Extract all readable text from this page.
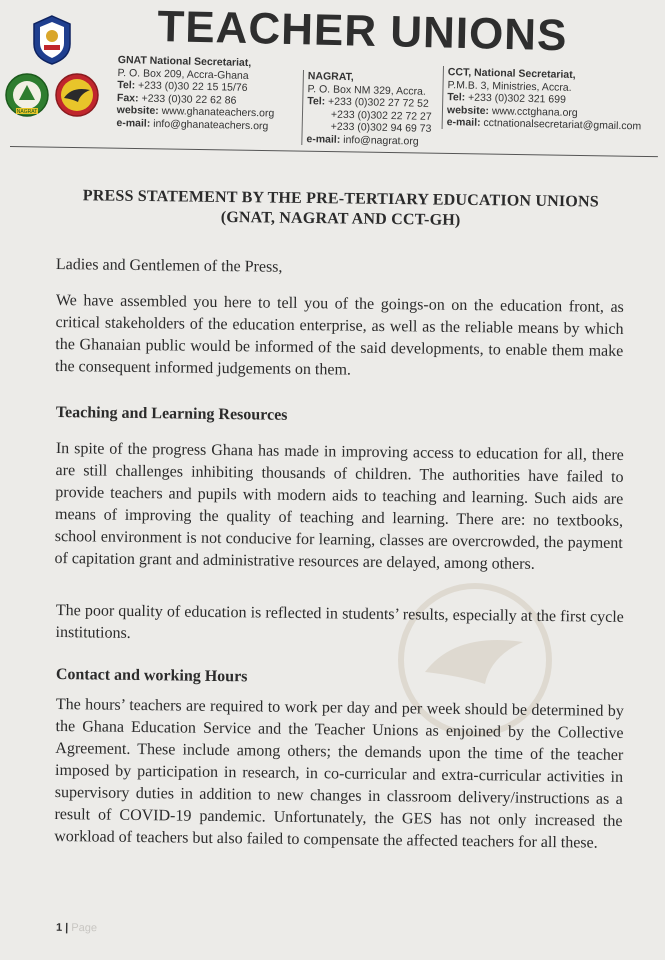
NAGRAT
TEACHER UNIONS
GNAT National Secretariat,
P. O. Box 209, Accra-Ghana
Tel: +233 (0)30 22 15 15/76
Fax: +233 (0)30 22 62 86
website: www.ghanateachers.org
e-mail: info@ghanateachers.org
NAGRAT,
P. O. Box NM 329, Accra.
Tel: +233 (0)302 27 72 52
+233 (0)302 22 72 27
+233 (0)302 94 69 73
e-mail: info@nagrat.org
CCT, National Secretariat,
P.M.B. 3, Ministries, Accra.
Tel: +233 (0)302 321 699
website: www.cctghana.org
e-mail: cctnationalsecretariat@gmail.com
PRESS STATEMENT BY THE PRE-TERTIARY EDUCATION UNIONS
(GNAT, NAGRAT AND CCT-GH)

Ladies and Gentlemen of the Press,

We have assembled you here to tell you of the goings-on on the education front, as critical stakeholders of the education enterprise, as well as the reliable means by which the Ghanaian public would be informed of the said developments, to enable them make the consequent informed judgements on them.

Teaching and Learning Resources

In spite of the progress Ghana has made in improving access to education for all, there are still challenges inhibiting thousands of children. The authorities have failed to provide teachers and pupils with modern aids to teaching and learning. Such aids are means of improving the quality of teaching and learning. There are: no textbooks, school environment is not conducive for learning, classes are overcrowded, the payment of capitation grant and administrative resources are delayed, among others.

The poor quality of education is reflected in students’ results, especially at the first cycle institutions.

Contact and working Hours

The hours’ teachers are required to work per day and per week should be determined by the Ghana Education Service and the Teacher Unions as enjoined by the Collective Agreement. These include among others; the demands upon the time of the teacher imposed by participation in research, in co-curricular and extra-curricular activities in supervisory duties in addition to new changes in classroom delivery/instructions as a result of COVID-19 pandemic. Unfortunately, the GES has not only increased the workload of teachers but also failed to compensate the affected teachers for all these.

1 | Page
